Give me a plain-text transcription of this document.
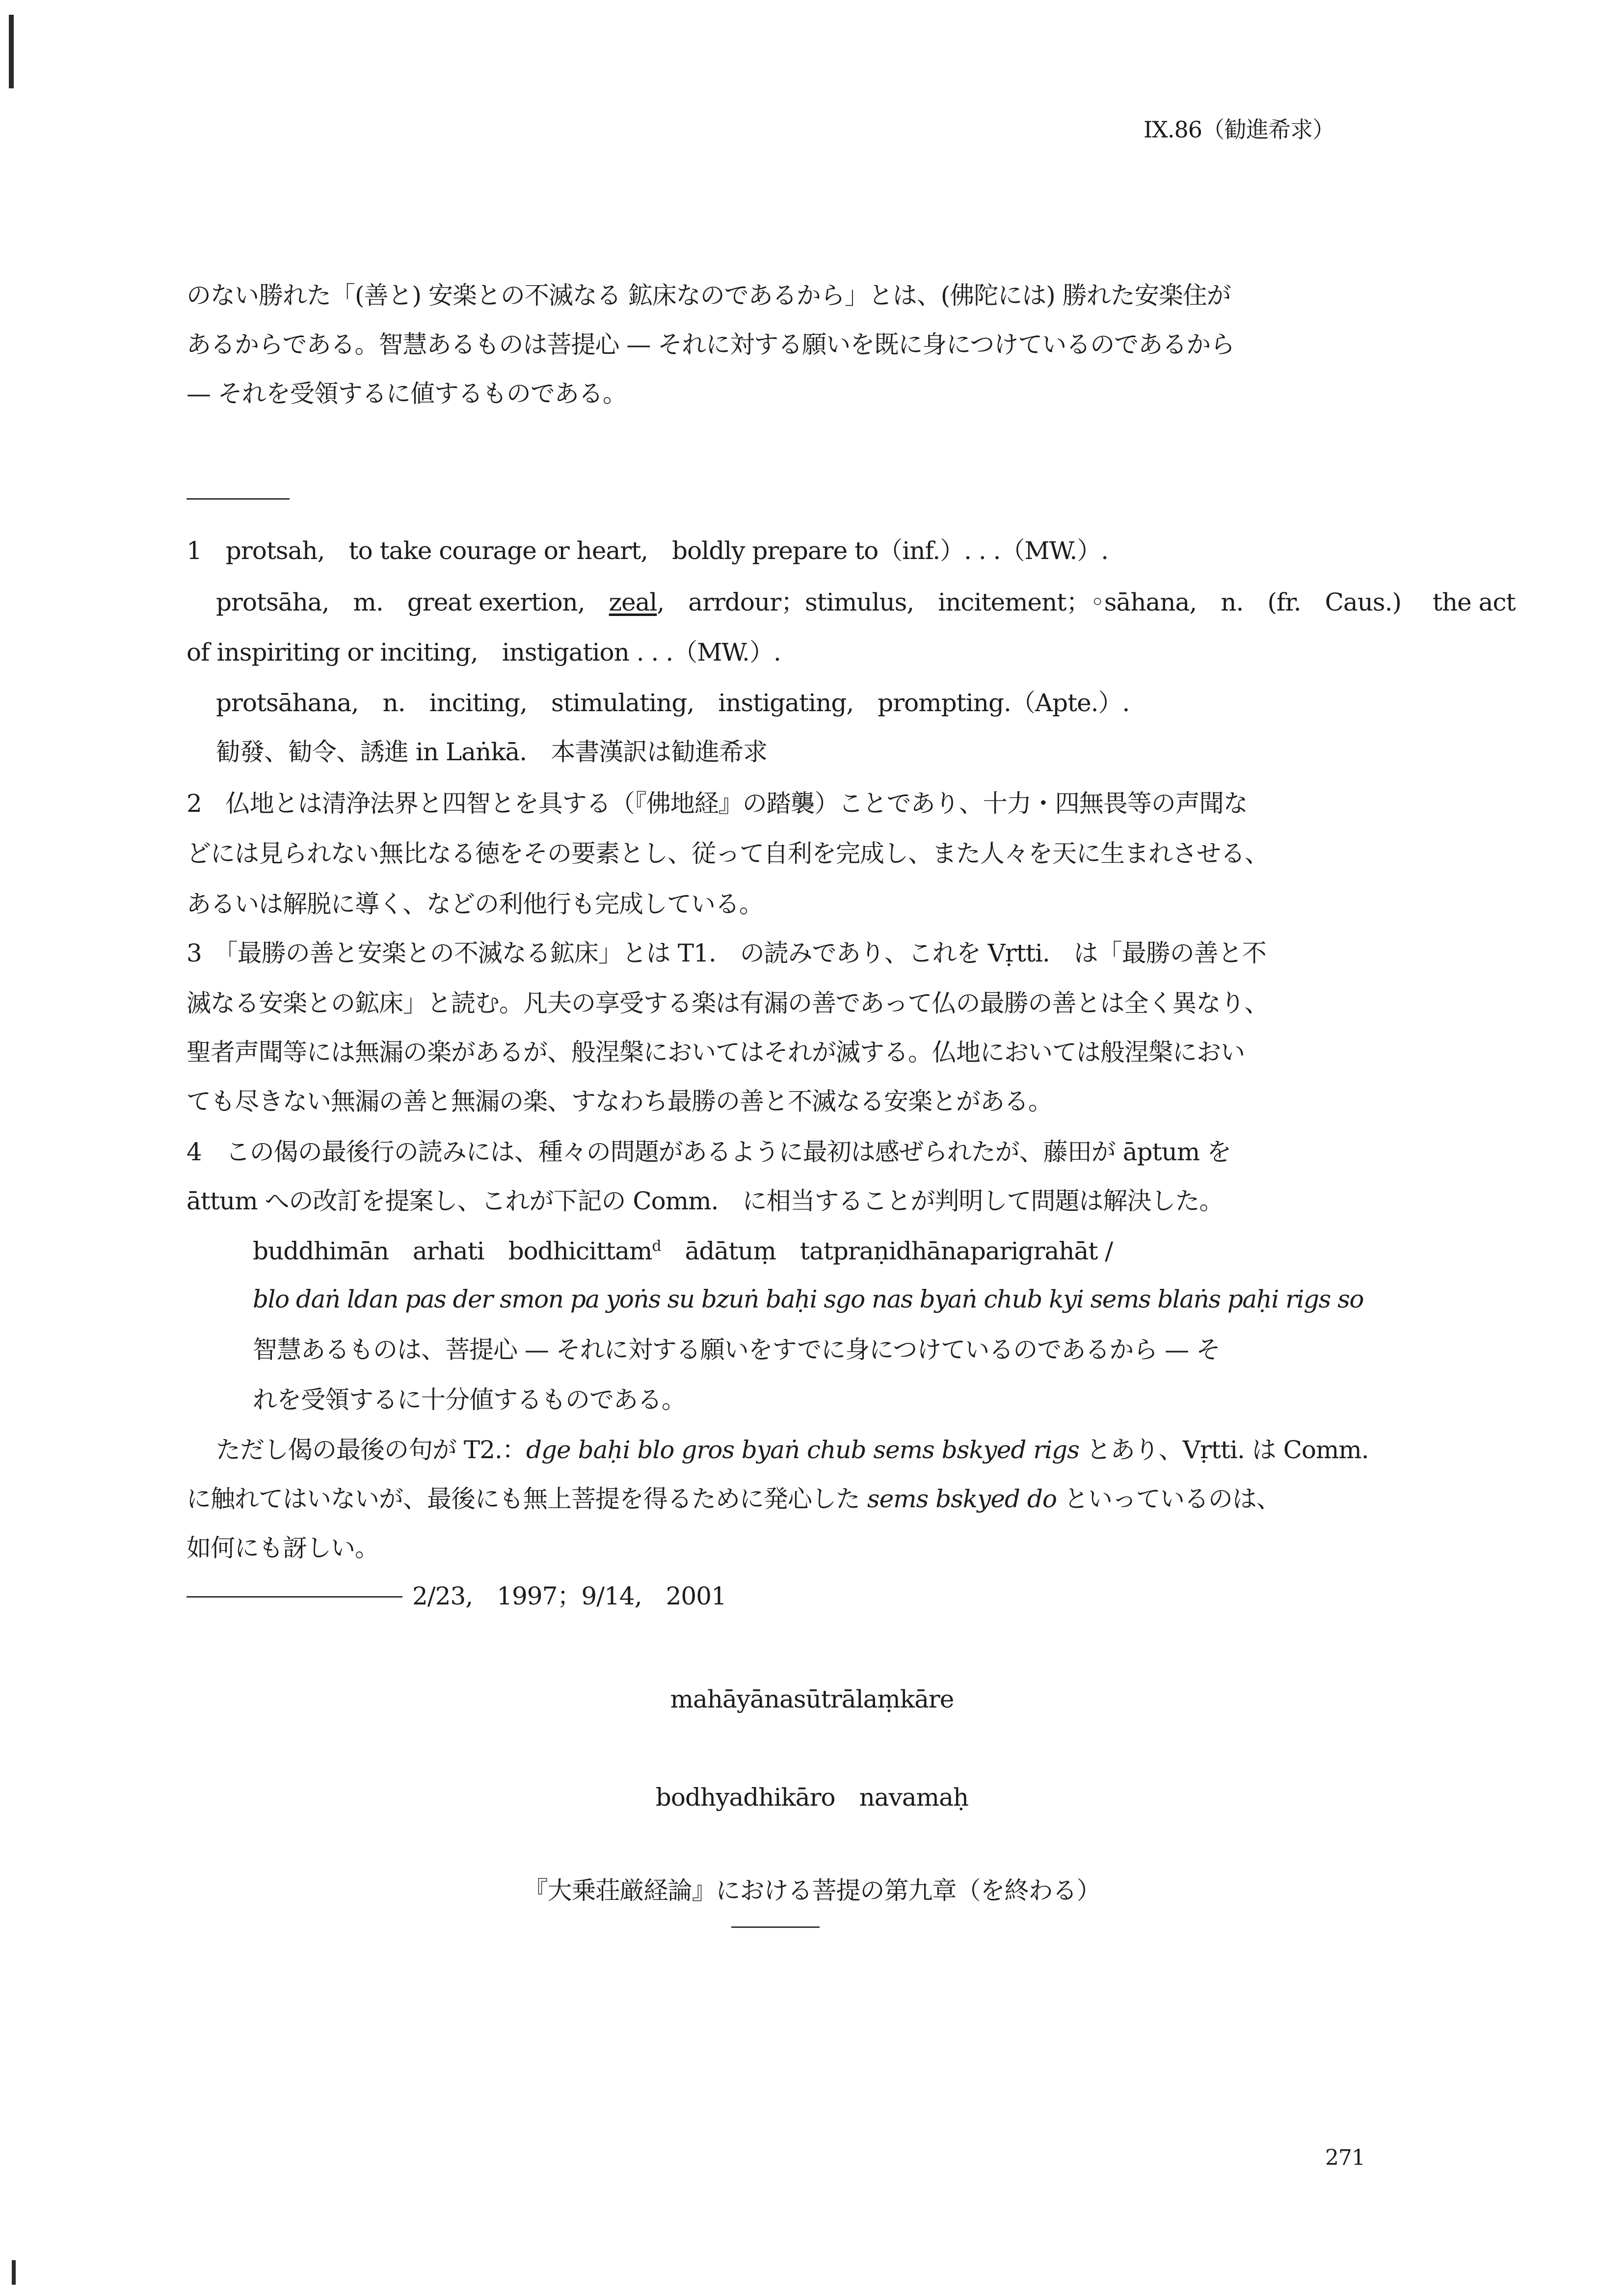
IX.86（勧進希求）

のない勝れた「(善と) 安楽との不滅なる 鉱床なのであるから」とは、(佛陀には) 勝れた安楽住が

あるからである。智慧あるものは菩提心 — それに対する願いを既に身につけているのであるから

— それを受領するに値するものである。

1 protsah, to take courage or heart, boldly prepare to（inf.）. . .（MW.）.

protsāha, m. great exertion, zeal, arrdour；stimulus, incitement；◦sāhana, n. (fr. Caus.)  the act

of inspiriting or inciting, instigation . . .（MW.）.

protsāhana, n. inciting, stimulating, instigating, prompting.（Apte.）.

勧發、勧令、誘進 in Laṅkā.　本書漢訳は勧進希求

2　仏地とは清浄法界と四智とを具する（『佛地経』の踏襲）ことであり、十力・四無畏等の声聞な

どには見られない無比なる徳をその要素とし、従って自利を完成し、また人々を天に生まれさせる、

あるいは解脱に導く、などの利他行も完成している。

3　「最勝の善と安楽との不滅なる鉱床」とは T1. の読みであり、これを Vṛtti.　は「最勝の善と不

滅なる安楽との鉱床」と読む。凡夫の享受する楽は有漏の善であって仏の最勝の善とは全く異なり、

聖者声聞等には無漏の楽があるが、般涅槃においてはそれが滅する。仏地においては般涅槃におい

ても尽きない無漏の善と無漏の楽、すなわち最勝の善と不滅なる安楽とがある。

4　この偈の最後行の読みには、種々の問題があるように最初は感ぜられたが、藤田が āptum を

āttum への改訂を提案し、これが下記の Comm.　に相当することが判明して問題は解決した。

buddhimān arhati bodhicittam$^d$ ādātuṃ tatpraṇidhānaparigrahāt /

blo daṅ ldan pas der smon pa yoṅs su bzuṅ baḥi sgo nas byaṅ chub kyi sems blaṅs paḥi rigs so

智慧あるものは、菩提心 — それに対する願いをすでに身につけているのであるから — そ

れを受領するに十分値するものである。

ただし偈の最後の句が T2.：dge baḥi blo gros byaṅ chub sems bskyed rigs とあり、Vṛtti. は Comm.

に触れてはいないが、最後にも無上菩提を得るために発心した sems bskyed do といっているのは、

如何にも訝しい。

2/23, 1997；9/14, 2001

mahāyānasūtrālaṃkāre

bodhyadhikāro navamaḥ

『大乗荘厳経論』における菩提の第九章（を終わる）

271
